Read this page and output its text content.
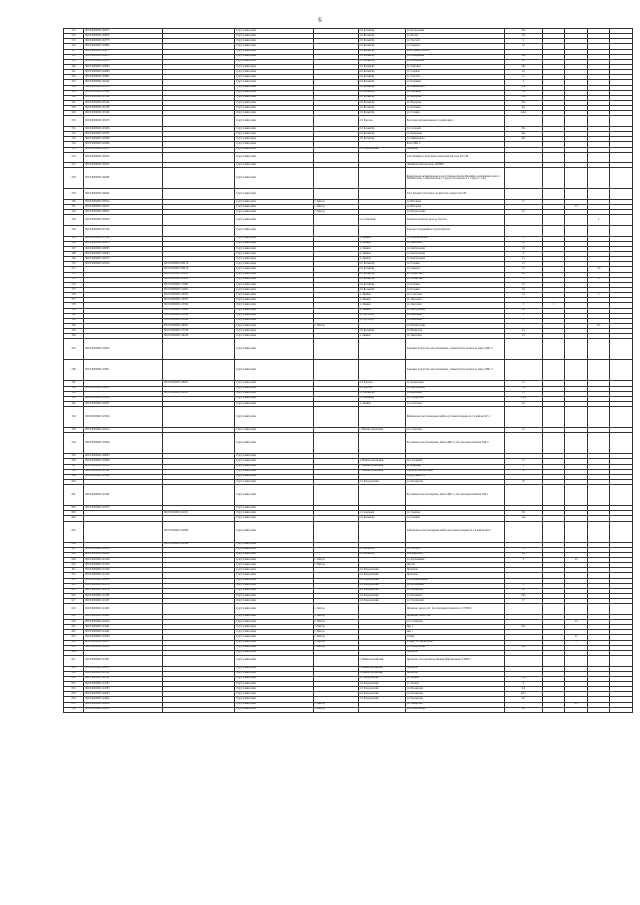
6
513	86:03:0000000:104675		Сургутский район		пгт Белый Яр	ул. Кооперации	76А				
514	86:03:0000000:104678		Сургутский район		пгт Белый Яр	ул. Басова	17б				
515	86:03:0000000:104773		Сургутский район		пгт Белый Яр	ул. Толстого	2				
516	86:03:0000000:104969		Сургутский район		пгт Белый Яр	ул. Горького	16				
517	86:03:0000000:104971		Сургутский район		пгт Белый Яр	База отдыха СМП-4					
518	86:03:0000000:104975		Сургутский район		пгт Белый Яр	ул. Набережная	12а				
519	86:03:0000000:104976		Сургутский район		пгт Белый Яр	ул. Набережная	1а				
540	86:03:0000000:104983		Сургутский район		пгт Белый Яр	ул. Торговая	24а				
541	86:03:0000000:104985		Сургутский район		пгт Белый Яр	ул. Садовая	24				
542	86:03:0000000:104987		Сургутский район		пгт Белый Яр	ул. Толстого	1а				
543	86:03:0000000:105162		Сургутский район		пгт Белый Яр	ул. Пушкина	3				
544	86:03:0000000:105370		Сургутский район		пгт Белый Яр	ул. Маяковского	23а				
545	86:03:0000000:105398		Сургутский район		пгт Белый Яр	ул. Гаражная	3а				
546	86:03:0000000:105192		Сургутский район		пгт Белый Яр	ул. Федорова	19А				
547	86:03:0000000:105164		Сургутский район		пгт Белый Яр	ул. Федорова	23а				
548	86:03:0000000:105198		Сургутский район		пгт Белый Яр	ул. Пушкина	4А				
549	86:03:0000000:105199		Сургутский район		пгт Белый Яр	ул. Есенина	4АА				
550	86:03:0000000:105279		Сургутский район		пгт Барсово	Восточная промышленная 2, территория 1					
551	86:03:0000000:105456		Сургутский район		пгт Белый Яр	ул. Сосновая	25а				
552	86:03:0000000:105583		Сургутский район		пгт Белый Яр	ул. Кузнецова	40а				
553	86:03:0000000:105848		Сургутский район		пгт Белый Яр	ул. Маяковского	36а				
554	86:03:0000000:105966		Сургутский район			База СМП-3					
555	86:03:0000000:106127		Сургутский район		пгт Федоровский	Промзона					
556	86:03:0000000:106335		Сургутский район			Узел линейного подогрева в межселенной зоне, КУ-196					
557	86:03:0000000:106347		Сургутский район			Линейная нефтепровода, ЦППН-1					
558	86:03:0000000:106406		Сургутский район			Федеральная автомобильная дорога Тюмень-Ханты-Мансийск, направление через г. Нефтеюганск, г. Нефтеюганск, г. Сургут, на подъезде к г. Сургут с. 5 км					
559	86:03:0000000:106494		Сургутский район			Узел Лукьяна участковое лесничество, квартал № 230					
560	86:03:0000000:106524		Сургутский район	г. Лянтор		ул. Нагорная	31				
561	86:03:0000000:106872		Сургутский район	г. Лянтор		ул. Нагорная			2/1		
562	86:03:0000000:106921		Сургутский район	г. Лянтор		ул. Назаргалеева	4/1				
563	86:03:0000000:107004		Сургутский район		пс Солнечный	Западная промзона, проезд, база №1				2	
564	86:03:0000000:107160		Сургутский район			Зона месторождений и Сургутнефтегаз					
565	86:03:0000000:107169		Сургутский район		д. Лямина	ул. Комсомольская	2				
566	86:03:0000000:108079		Сургутский район		д. Лямина	ул. Заводская	14				
567	86:03:0000000:108085		Сургутский район		д. Лямина	ул. Центральная	26				
568	86:03:0000000:108099		Сургутский район		д. Лямина	ул. Центральная	6				
569	86:03:0000000:108153		Сургутский район		д. Лямина	ул. Центральная	15				
570	86:03:0000000:108163	86:03:0000000:108179	Сургутский район		пгт Белый Яр	ул. Есенина	15				
571		86:03:0000000:108179	Сургутский район		пгт Белый Яр	ул. Горького	15			1,6	
572		86:03:0000000:108193	Сургутский район		пгт Белый Яр	ул. Некрасова	46				
573		86:03:0000000:108839	Сургутский район		пгт Белый Яр	ул. Сибирская	1			6	
574		86:03:0000000:111099	Сургутский район		пгт Белый Яр	ул. Есенина	16				
575		86:03:0000000:111905	Сургутский район		пгт Белый Яр	ул. Есенина	18				
576		86:03:0000000:114592	Сургутский район		д. Лямина	ул. Советская	14			5	
577		86:03:0000000:115597	Сургутский район		д. Лямина	ул. Заводская					
578		86:03:0000000:115598	Сургутский район		д. Лямина	ул. Заводская	3	1			
579		86:03:0000000:115604	Сургутский район		д. Лямина	ул. Центральная	30				
580		86:03:0000000:115614	Сургутский район		д. Угут-Ягун	ул. Школьная	1				
581		86:03:0000000:115646	Сургутский район		д. Угут-Ягун	ул. Школьная	1				
582		86:03:0000000:116081	Сургутский район	г. Лянтор		ул. Назаргалеева				4/3	
583		86:03:0000000:117798	Сургутский район		пгт Белый Яр	ул. Некрасова	2/1				
584		86:03:0000000:119129	Сургутский район		д. Лямина	ул. Заводская	23				
585	86:03:0000000:119850		Сургутский район			Зельевые-Сургутское месторождение, открытая база промысла, район ДНС-2					
586	86:03:0000000:119851		Сургутский район			Зельевые-Сургутское месторождение, открытая база промысла, район ДНС-2					
587		86:03:0000000:119942	Сургутский район		пгт Барсово	ул. Апрельская	1/1				
588	86:03:0000000:119943		Сургутский район		пгт Барсово	ул. Центральная	14				
589		86:03:0000000:119956	Сургутский район		пгт Белый Яр	ул. Школьная	13				
590	86:03:0000000:120216		Сургутский район		п Солнечный	ул. Строителей	13 А				
591	86:03:0000000:120297		Сургутский район		д. Лямина	ул. Советская	24				
592	86:03:0000000:120326		Сургутский район			Рябиновское месторождение нефти, кустовая площадка № 1 в районе КУ-1					
593	86:03:0000000:120410		Сургутский район		с. Нижнесортымский	ул. Советская	14				
594	86:03:0000000:120626		Сургутский район			Русскинское месторождение, район ДНС-2, база производственная УДР-2					
595	86:03:0000000:120693		Сургутский район								
596	86:03:0000000:120696		Сургутский район		д. Нижнесортымский	пер. Таежный	17				
597	86:03:0000000:121070		Сургутский район		с. Нижнесортымский	ул. Кедровая	2				
598	86:03:0000000:121164		Сургутский район		с. Нижнесортымский	переулок Малахитовый	4				
599	86:03:0000000:121166		Сургутский район			Сургутский ЛЭС					
600			Сургутский район		пгт Федоровский	ул. Пионерная	50				
601	86:03:0000000:121482		Сургутский район			Русскинское месторождение, район ДНС-1, база производственная УДР-1					
602	86:03:0000000:121976		Сургутский район								
603		86:03:0000000:122031	Сургутский район		п Солнечный	ул. Таежная	46				
604			Сургутский район		пгт Белый Яр	ул. Есенина	14а				
605		86:03:0000000:122089	Сургутский район			Тайлаковское месторождение нефти, кустовая площадка № 3 в районе КП-1					
606		86:03:0000000:122094	Сургутский район								
607	86:03:0000000:122116		Сургутский район		пгт Белый Яр	ул. Толстого	13				
608	86:03:0000000:122660		Сургутский район		пгт Белый Яр	ул. Некрасова	2в				
609	86:03:0000000:124126		Сургутский район	г. Лянтор		ул. Дорожников	5		25		
610	86:03:0000000:124128		Сургутский район	г. Лянтор		мкр 8А					
611	86:03:0000000:124158		Сургутский район		пгт Федоровский	Промзона					
612	86:03:0000000:124159		Сургутский район		пгт Федоровский	Промзона					
613	86:03:0000000:124163		Сургутский район		пгт Федоровский	ул. Промышленная					
614	86:03:0000000:124176		Сургутский район		пгт Федоровский	ул. Московская	8				
615	86:03:0000000:124179		Сургутский район		пгт Федоровский	ул. Пионерная	3б				
616	86:03:0000000:124186		Сургутский район		пгт Федоровский	ул. Промышл.	34/2				
617	86:03:0000000:124187		Сургутский район		пгт Федоровский	ул. Строителей	17				
618	86:03:0000000:124205		Сургутский район	г. Лянтор		Промзона, проезд 4/1, база производственная № 1 СУБР-8					
619	86:03:0000000:124241		Сургутский район	г. Лянтор		Промзона, база СУБР					
620	86:03:0000000:124254		Сургутский район	г. Лянтор		ул. Салманова			3/1		
621	86:03:0000000:124261		Сургутский район	г. Лянтор		мкр 1	61б				
622	86:03:0000000:124262		Сургутский район	г. Лянтор		мкр 1					
623	86:03:0000000:124263		Сургутский район	г. Лянтор		10 мкр			57		
624	86:03:0000000:124271		Сургутский район	г. Лянтор		10 мкр, ул. Магистраль			2		
625	86:03:0000000:124295		Сургутский район	г. Лянтор		ул. Назаргалеева	4/4				
626			Сургутский район			Промзона					
627	86:03:0000000:124301		Сургутский район		п. Нижнесортымский	Промзона, база производственная Нефтеразведка СУБР-5					
628	86:03:0000000:124312		Сургутский район		п Нижнесортымский	Промзона					
629	86:03:0000000:124780		Сургутский район		п Нижнесортымский	Промзона					
630	86:03:0000000:124781		Сургутский район		пгт Федоровский	ул. Ленина	15Д				
631	86:03:0000000:124783		Сургутский район		пгт Федоровский	ул. Ленина	6				
632	86:03:0000000:124785		Сургутский район		пгт Федоровский	ул. Пионерная	6/2				
633	86:03:0000000:124820		Сургутский район		пгт Федоровский	ул. Пионерная	40/1				
634	86:03:0000000:124822		Сургутский район		пгт Федоровский	ул. Пионерная	65				
635	86:03:0000000:124830		Сургутский район	г. Лянтор		ул. Сибирская			4/1		
636	86:03:0000000:124832		Сургутский район	г. Лянтор		ул. Назаргалеева	28				
